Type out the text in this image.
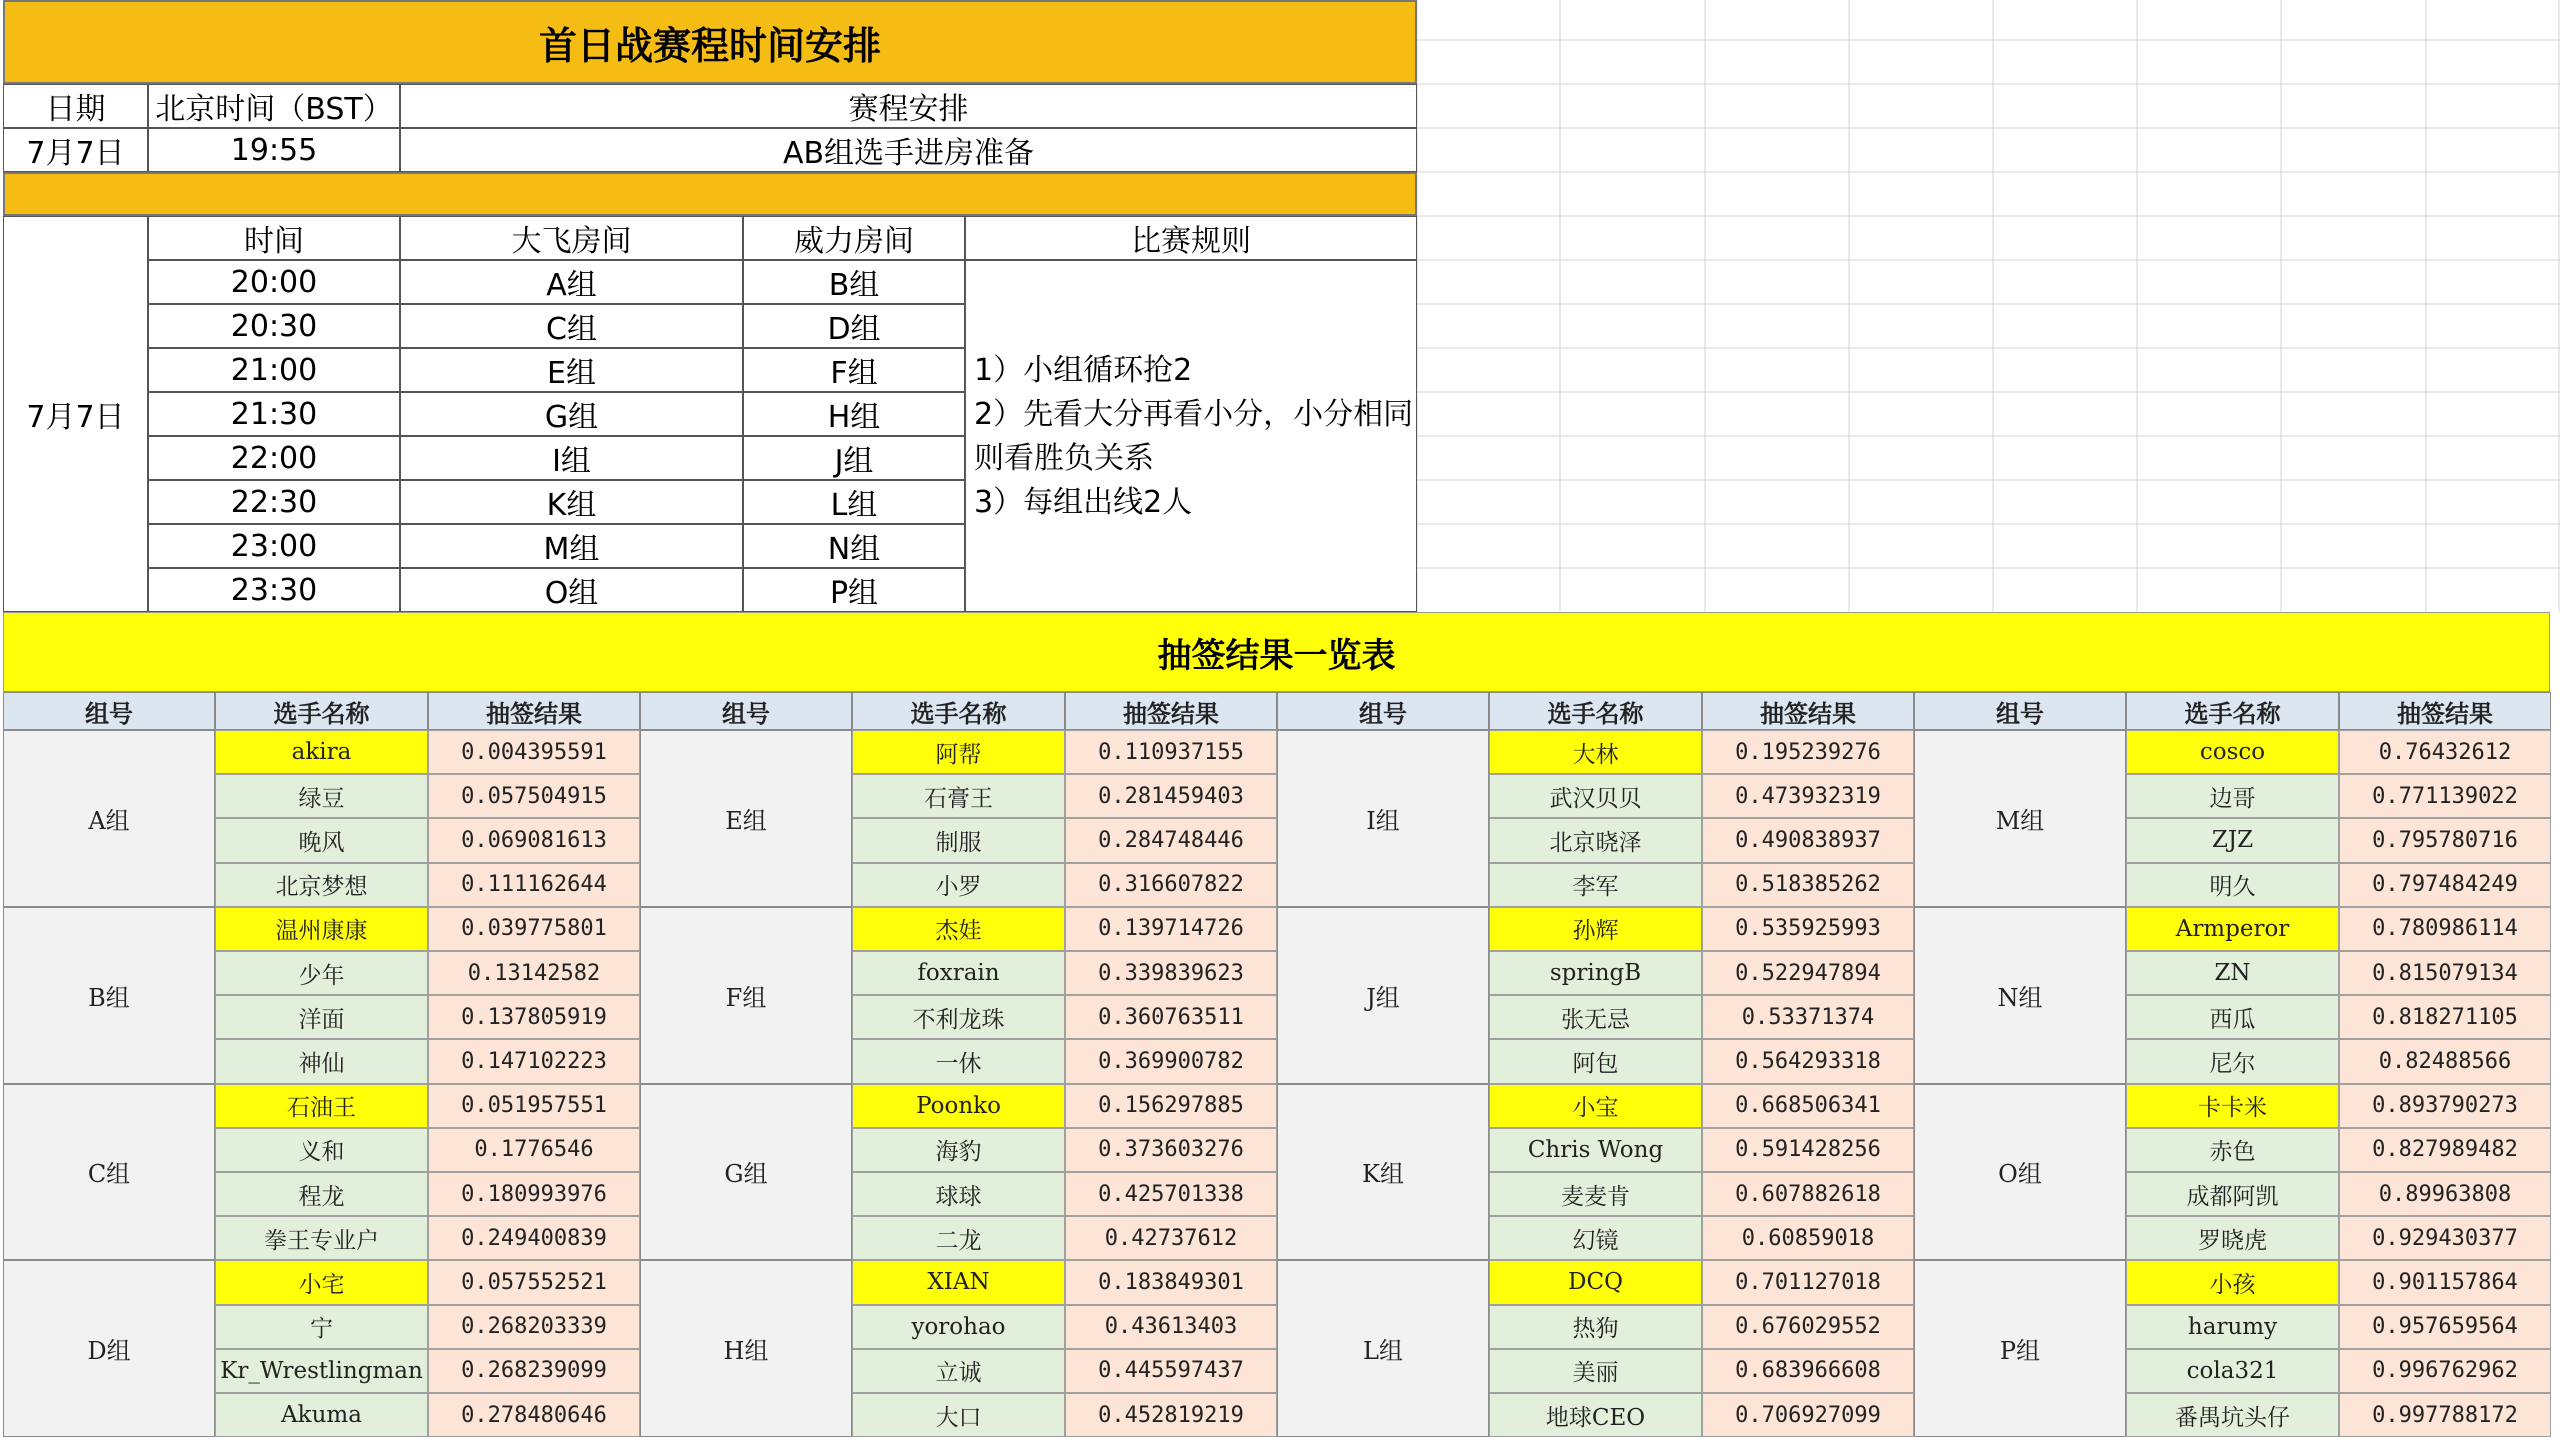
首日战赛程时间安排
日期	北京时间（BST）	赛程安排
7月7日	19:55	AB组选手进房准备
7月7日
时间	大飞房间	威力房间	比赛规则
20:00	A组	B组
20:30	C组	D组
21:00	E组	F组
21:30	G组	H组
22:00	I组	J组
22:30	K组	L组
23:00	M组	N组
23:30	O组	P组
1）小组循环抢2
2）先看大分再看小分，小分相同
则看胜负关系
3）每组出线2人
抽签结果一览表
组号	选手名称	抽签结果
A组
akira	0.004395591
绿豆	0.057504915
晚风	0.069081613
北京梦想	0.111162644
B组
温州康康	0.039775801
少年	0.13142582
洋面	0.137805919
神仙	0.147102223
C组
石油王	0.051957551
义和	0.1776546
程龙	0.180993976
拳王专业户	0.249400839
D组
小宅	0.057552521
宁	0.268203339
Kr_Wrestlingman	0.268239099
Akuma	0.278480646
组号	选手名称	抽签结果
E组
阿帮	0.110937155
石膏王	0.281459403
制服	0.284748446
小罗	0.316607822
F组
杰娃	0.139714726
foxrain	0.339839623
不利龙珠	0.360763511
一休	0.369900782
G组
Poonko	0.156297885
海豹	0.373603276
球球	0.425701338
二龙	0.42737612
H组
XIAN	0.183849301
yorohao	0.43613403
立诚	0.445597437
大口	0.452819219
组号	选手名称	抽签结果
I组
大林	0.195239276
武汉贝贝	0.473932319
北京晓泽	0.490838937
李军	0.518385262
J组
孙辉	0.535925993
springB	0.522947894
张无忌	0.53371374
阿包	0.564293318
K组
小宝	0.668506341
Chris Wong	0.591428256
麦麦肯	0.607882618
幻镜	0.60859018
L组
DCQ	0.701127018
热狗	0.676029552
美丽	0.683966608
地球CEO	0.706927099
组号	选手名称	抽签结果
M组
cosco	0.76432612
边哥	0.771139022
ZJZ	0.795780716
明久	0.797484249
N组
Armperor	0.780986114
ZN	0.815079134
西瓜	0.818271105
尼尔	0.82488566
O组
卡卡米	0.893790273
赤色	0.827989482
成都阿凯	0.89963808
罗晓虎	0.929430377
P组
小孩	0.901157864
harumy	0.957659564
cola321	0.996762962
番禺坑头仔	0.997788172
